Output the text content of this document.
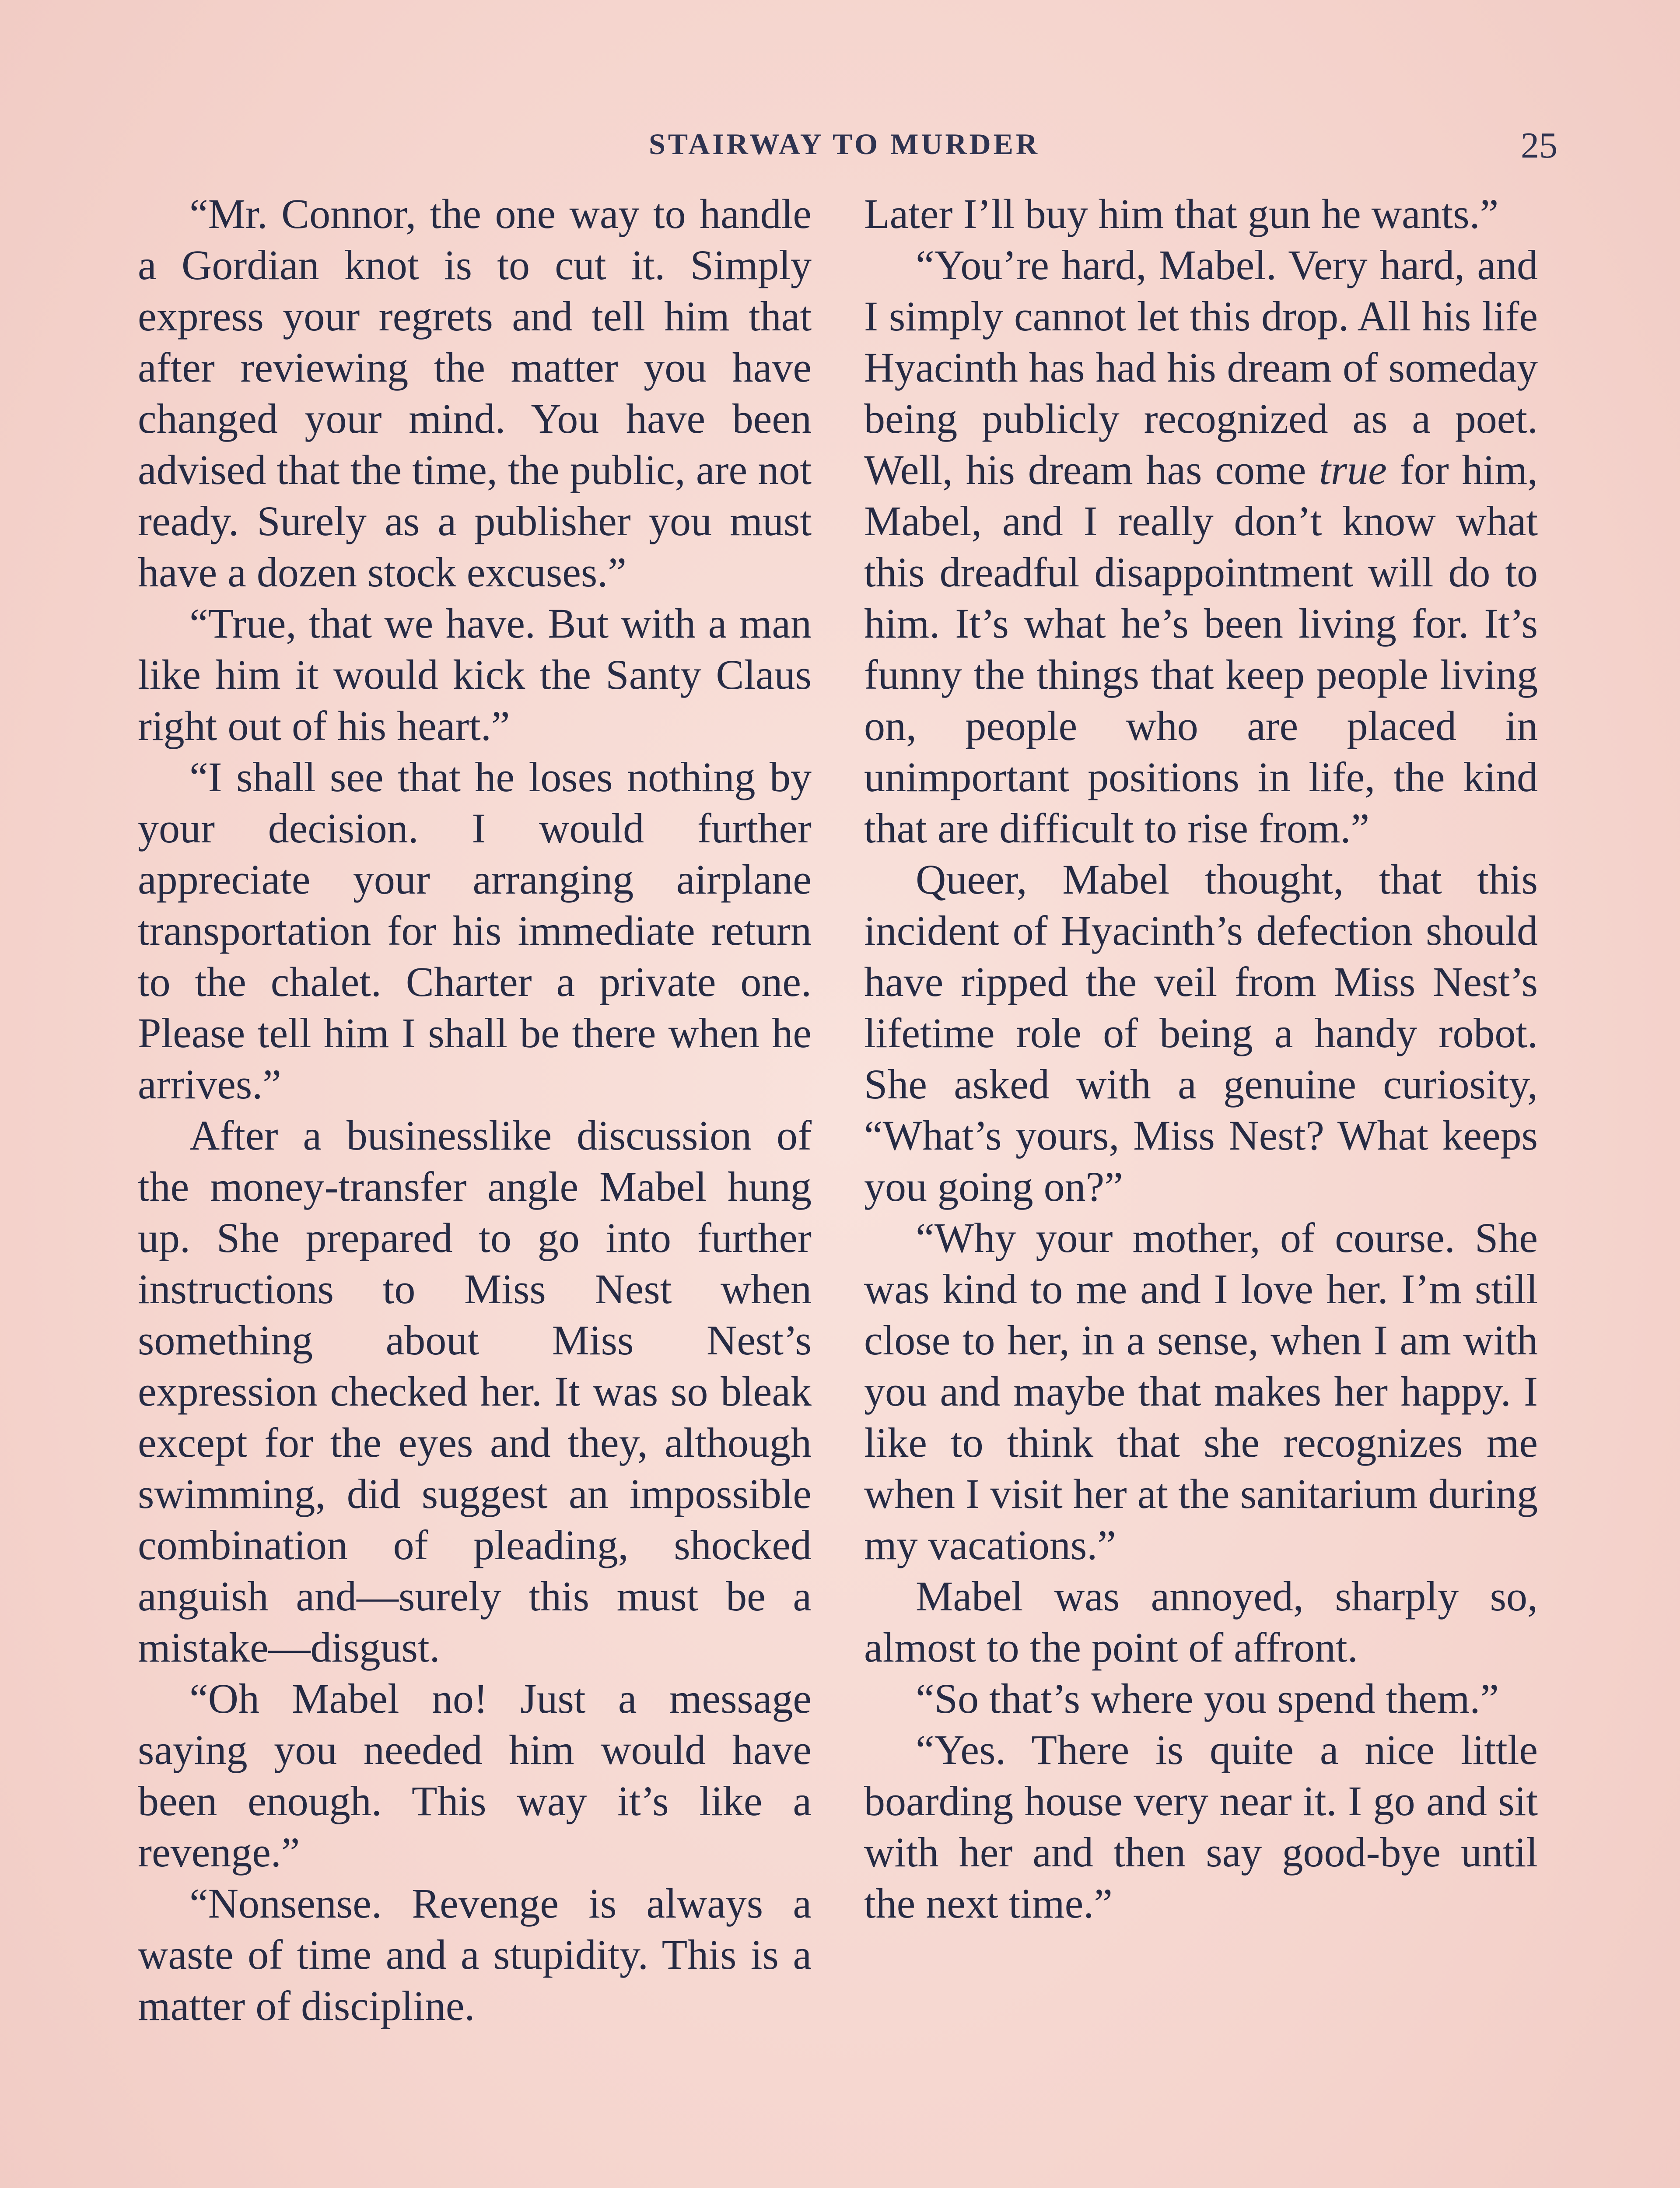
STAIRWAY TO MURDER	25

“Mr. Connor, the one way to handle a Gordian knot is to cut it. Simply express your regrets and tell him that after reviewing the matter you have changed your mind. You have been advised that the time, the public, are not ready. Surely as a publisher you must have a dozen stock excuses.”

“True, that we have. But with a man like him it would kick the Santy Claus right out of his heart.”

“I shall see that he loses nothing by your decision. I would further appreciate your arranging airplane transportation for his immediate return to the chalet. Charter a private one. Please tell him I shall be there when he arrives.”

After a businesslike discussion of the money-transfer angle Mabel hung up. She prepared to go into further instructions to Miss Nest when something about Miss Nest’s expression checked her. It was so bleak except for the eyes and they, although swimming, did suggest an impossible combination of pleading, shocked anguish and—surely this must be a mistake—disgust.

“Oh Mabel no! Just a message saying you needed him would have been enough. This way it’s like a revenge.”

“Nonsense. Revenge is always a waste of time and a stupidity. This is a matter of discipline.

Later I’ll buy him that gun he wants.”

“You’re hard, Mabel. Very hard, and I simply cannot let this drop. All his life Hyacinth has had his dream of someday being publicly recognized as a poet. Well, his dream has come true for him, Mabel, and I really don’t know what this dreadful disappointment will do to him. It’s what he’s been living for. It’s funny the things that keep people living on, people who are placed in unimportant positions in life, the kind that are difficult to rise from.”

Queer, Mabel thought, that this incident of Hyacinth’s defection should have ripped the veil from Miss Nest’s lifetime role of being a handy robot. She asked with a genuine curiosity, “What’s yours, Miss Nest? What keeps you going on?”

“Why your mother, of course. She was kind to me and I love her. I’m still close to her, in a sense, when I am with you and maybe that makes her happy. I like to think that she recognizes me when I visit her at the sanitarium during my vacations.”

Mabel was annoyed, sharply so, almost to the point of affront.

“So that’s where you spend them.”

“Yes. There is quite a nice little boarding house very near it. I go and sit with her and then say good-bye until the next time.”
